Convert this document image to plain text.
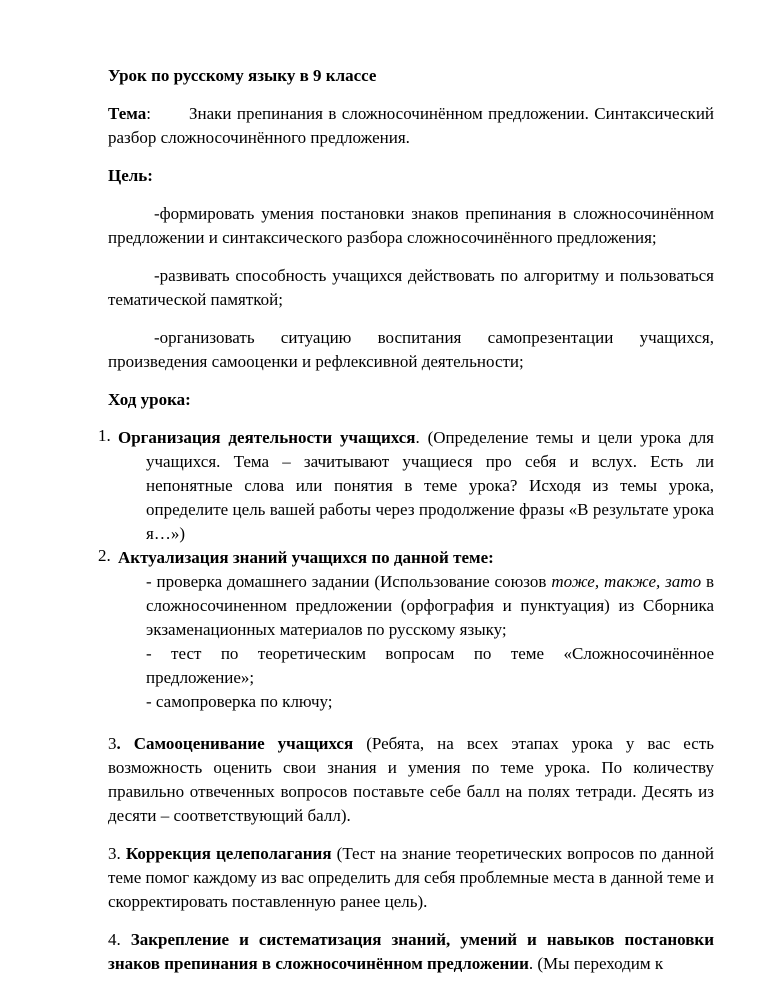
Урок по русскому языку в 9 классе

Тема: Знаки препинания в сложносочинённом предложении. Синтаксический разбор сложносочинённого предложения.

Цель:

-формировать умения постановки знаков препинания в сложносочинённом предложении и синтаксического разбора сложносочинённого предложения;

-развивать способность учащихся действовать по алгоритму и пользоваться тематической памяткой;

-организовать ситуацию воспитания самопрезентации учащихся, произведения самооценки и рефлексивной деятельности;

Ход урока:

1. Организация деятельности учащихся. (Определение темы и цели урока для учащихся. Тема – зачитывают учащиеся про себя и вслух. Есть ли непонятные слова или понятия в теме урока? Исходя из темы урока, определите цель вашей работы через продолжение фразы «В результате урока я…»)
2. Актуализация знаний учащихся по данной теме:

- проверка домашнего задании (Использование союзов тоже, также, зато в сложносочиненном предложении (орфография и пунктуация) из Сборника экзаменационных материалов по русскому языку;

- тест по теоретическим вопросам по теме «Сложносочинённое предложение»;

- самопроверка по ключу;

3. Самооценивание учащихся (Ребята, на всех этапах урока у вас есть возможность оценить свои знания и умения по теме урока. По количеству правильно отвеченных вопросов поставьте себе балл на полях тетради. Десять из десяти – соответствующий балл).

3. Коррекция целеполагания (Тест на знание теоретических вопросов по данной теме помог каждому из вас определить для себя проблемные места в данной теме и скорректировать поставленную ранее цель).

4. Закрепление и систематизация знаний, умений и навыков постановки знаков препинания в сложносочинённом предложении. (Мы переходим к
